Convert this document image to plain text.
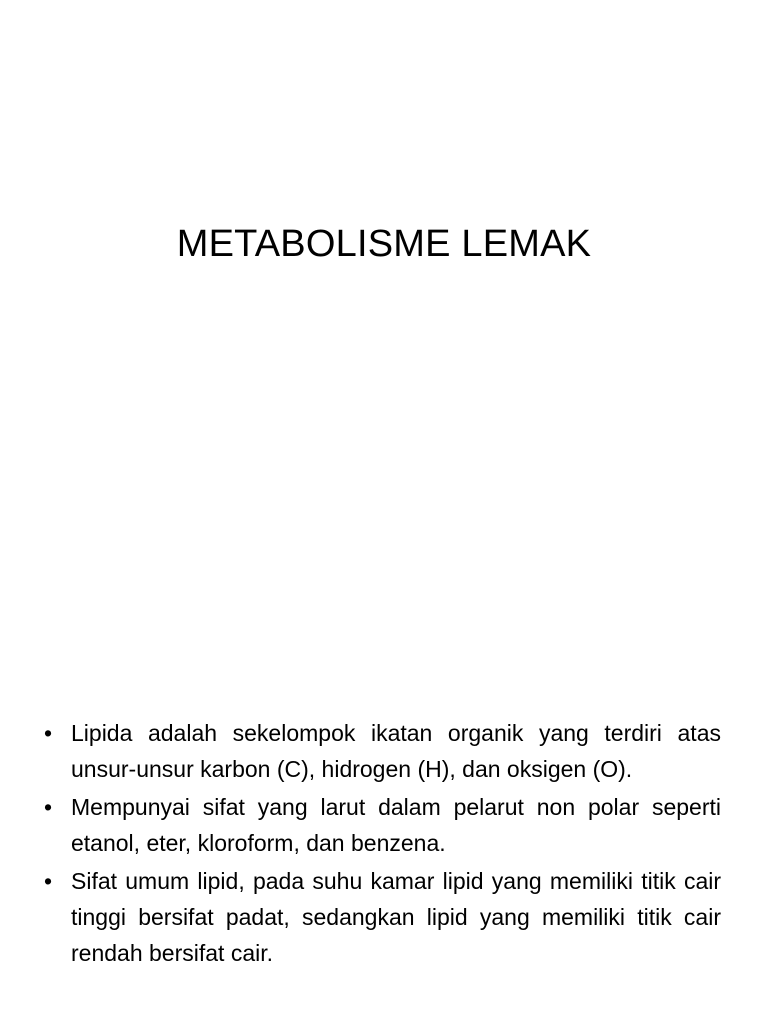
METABOLISME LEMAK
• Lipida adalah sekelompok ikatan organik yang terdiri atas unsur-unsur karbon (C), hidrogen (H), dan oksigen (O).
• Mempunyai sifat yang larut dalam pelarut non polar seperti etanol, eter, kloroform, dan benzena.
• Sifat umum lipid, pada suhu kamar lipid yang memiliki titik cair tinggi bersifat padat, sedangkan lipid yang memiliki titik cair rendah bersifat cair.
